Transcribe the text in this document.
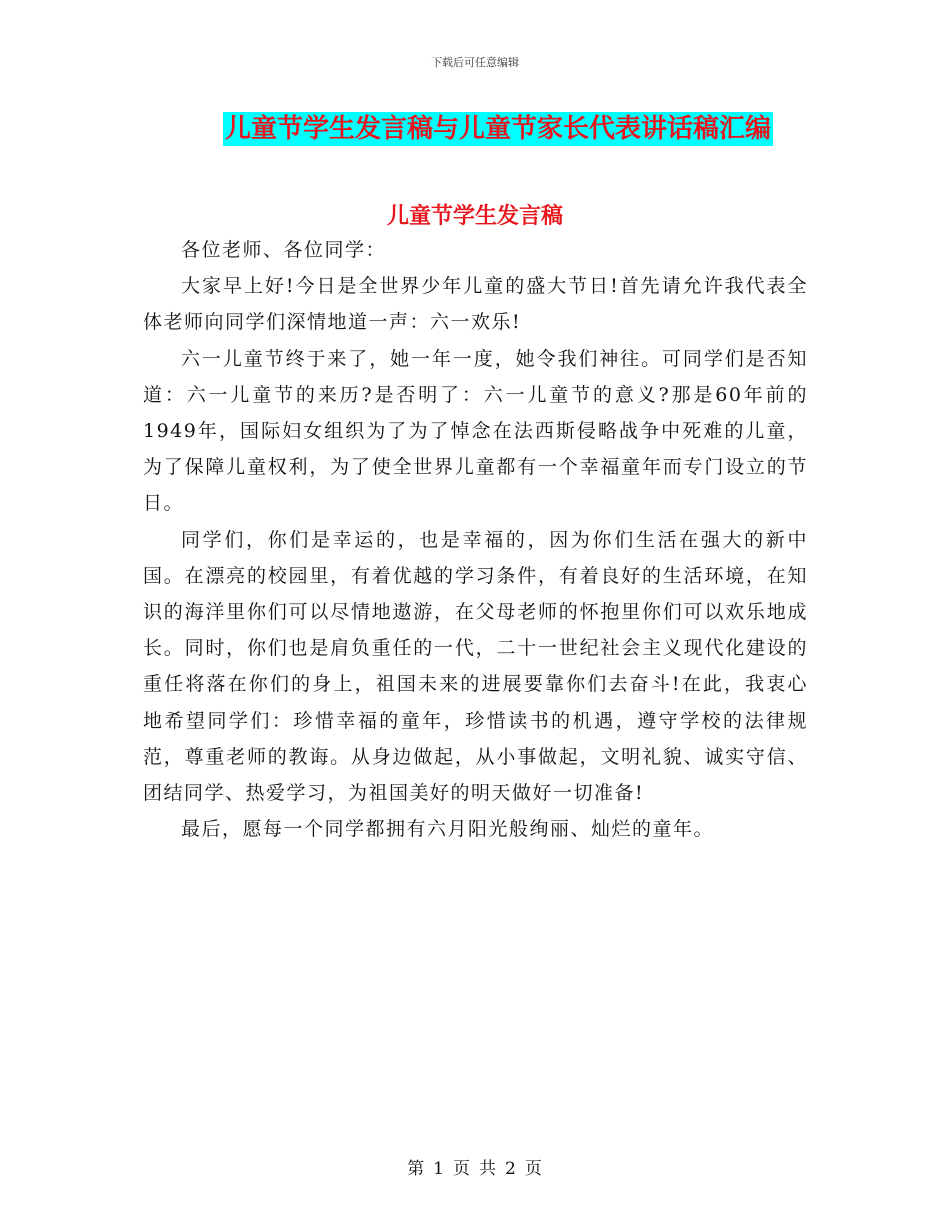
下载后可任意编辑
儿童节学生发言稿与儿童节家长代表讲话稿汇编
儿童节学生发言稿

各位老师、各位同学：

大家早上好!今日是全世界少年儿童的盛大节日!首先请允许我代表全体老师向同学们深情地道一声：六一欢乐!

六一儿童节终于来了，她一年一度，她令我们神往。可同学们是否知道：六一儿童节的来历?是否明了：六一儿童节的意义?那是60年前的1949年，国际妇女组织为了为了悼念在法西斯侵略战争中死难的儿童，为了保障儿童权利，为了使全世界儿童都有一个幸福童年而专门设立的节日。

同学们，你们是幸运的，也是幸福的，因为你们生活在强大的新中国。在漂亮的校园里，有着优越的学习条件，有着良好的生活环境，在知识的海洋里你们可以尽情地遨游，在父母老师的怀抱里你们可以欢乐地成长。同时，你们也是肩负重任的一代，二十一世纪社会主义现代化建设的重任将落在你们的身上，祖国未来的进展要靠你们去奋斗!在此，我衷心地希望同学们：珍惜幸福的童年，珍惜读书的机遇，遵守学校的法律规范，尊重老师的教诲。从身边做起，从小事做起，文明礼貌、诚实守信、团结同学、热爱学习，为祖国美好的明天做好一切准备!

最后，愿每一个同学都拥有六月阳光般绚丽、灿烂的童年。

第 1 页 共 2 页
